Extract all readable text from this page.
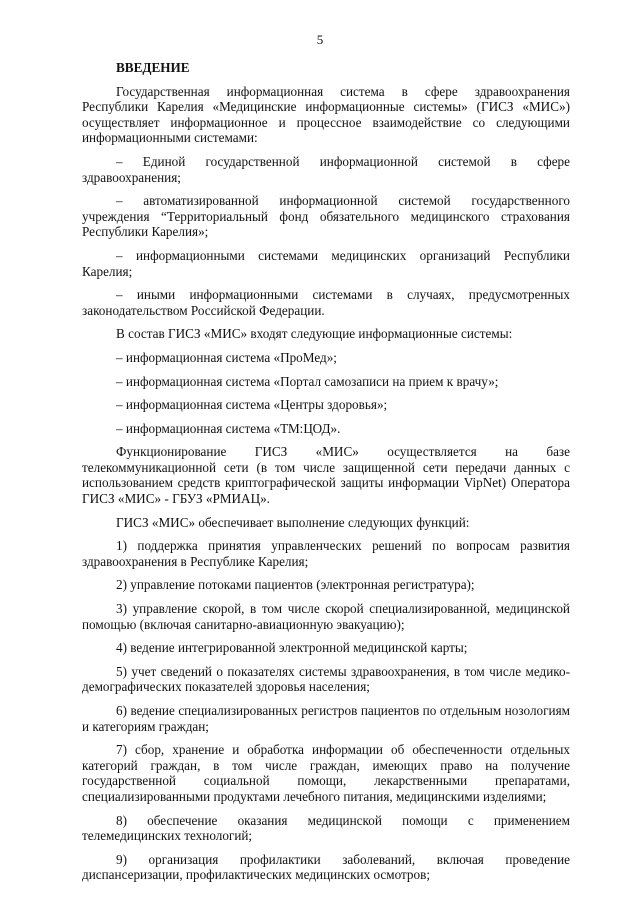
5
ВВЕДЕНИЕ
Государственная информационная система в сфере здравоохранения Республики Карелия «Медицинские информационные системы» (ГИСЗ «МИС») осуществляет информационное и процессное взаимодействие со следующими информационными системами:
– Единой государственной информационной системой в сфере здравоохранения;
– автоматизированной информационной системой государственного учреждения “Территориальный фонд обязательного медицинского страхования Республики Карелия»;
– информационными системами медицинских организаций Республики Карелия;
– иными информационными системами в случаях, предусмотренных законодательством Российской Федерации.
В состав ГИСЗ «МИС» входят следующие информационные системы:
– информационная система «ПроМед»;
– информационная система «Портал самозаписи на прием к врачу»;
– информационная система «Центры здоровья»;
– информационная система «ТМ:ЦОД».
Функционирование ГИСЗ «МИС» осуществляется на базе телекоммуникационной сети (в том числе защищенной сети передачи данных с использованием средств криптографической защиты информации VipNet) Оператора ГИСЗ «МИС» - ГБУЗ «РМИАЦ».
ГИСЗ «МИС» обеспечивает выполнение следующих функций:
1) поддержка принятия управленческих решений по вопросам развития здравоохранения в Республике Карелия;
2) управление потоками пациентов (электронная регистратура);
3) управление скорой, в том числе скорой специализированной, медицинской помощью (включая санитарно-авиационную эвакуацию);
4) ведение интегрированной электронной медицинской карты;
5) учет сведений о показателях системы здравоохранения, в том числе медико-демографических показателей здоровья населения;
6) ведение специализированных регистров пациентов по отдельным нозологиям и категориям граждан;
7) сбор, хранение и обработка информации об обеспеченности отдельных категорий граждан, в том числе граждан, имеющих право на получение государственной социальной помощи, лекарственными препаратами, специализированными продуктами лечебного питания, медицинскими изделиями;
8) обеспечение оказания медицинской помощи с применением телемедицинских технологий;
9) организация профилактики заболеваний, включая проведение диспансеризации, профилактических медицинских осмотров;
